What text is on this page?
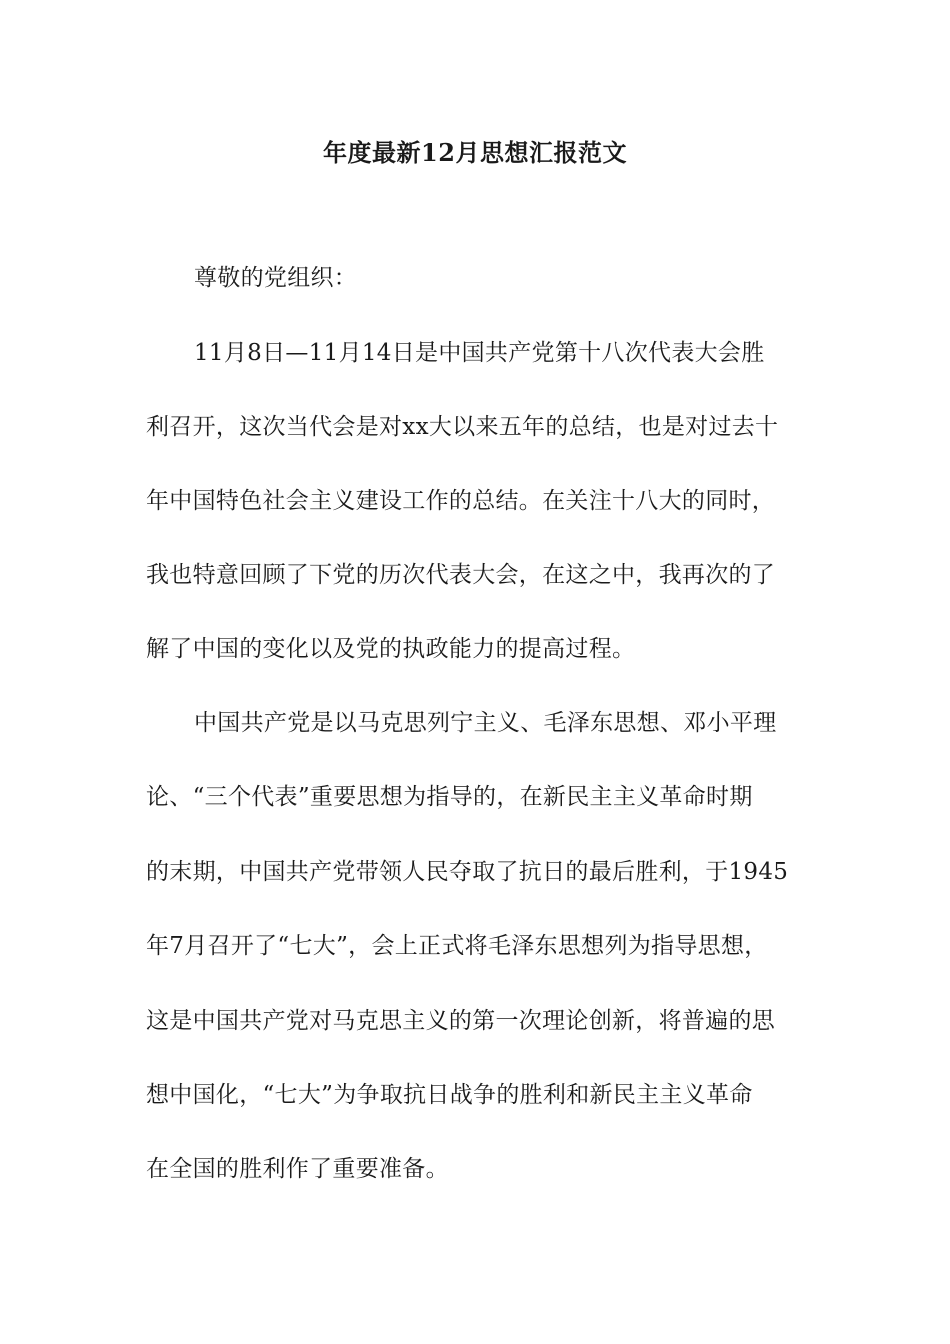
年度最新12月思想汇报范文
尊敬的党组织：
11月8日—11月14日是中国共产党第十八次代表大会胜
利召开，这次当代会是对xx大以来五年的总结，也是对过去十
年中国特色社会主义建设工作的总结。在关注十八大的同时，
我也特意回顾了下党的历次代表大会，在这之中，我再次的了
解了中国的变化以及党的执政能力的提高过程。
中国共产党是以马克思列宁主义、毛泽东思想、邓小平理
论、“三个代表”重要思想为指导的，在新民主主义革命时期
的末期，中国共产党带领人民夺取了抗日的最后胜利，于1945
年7月召开了“七大”，会上正式将毛泽东思想列为指导思想，
这是中国共产党对马克思主义的第一次理论创新，将普遍的思
想中国化，“七大”为争取抗日战争的胜利和新民主主义革命
在全国的胜利作了重要准备。
